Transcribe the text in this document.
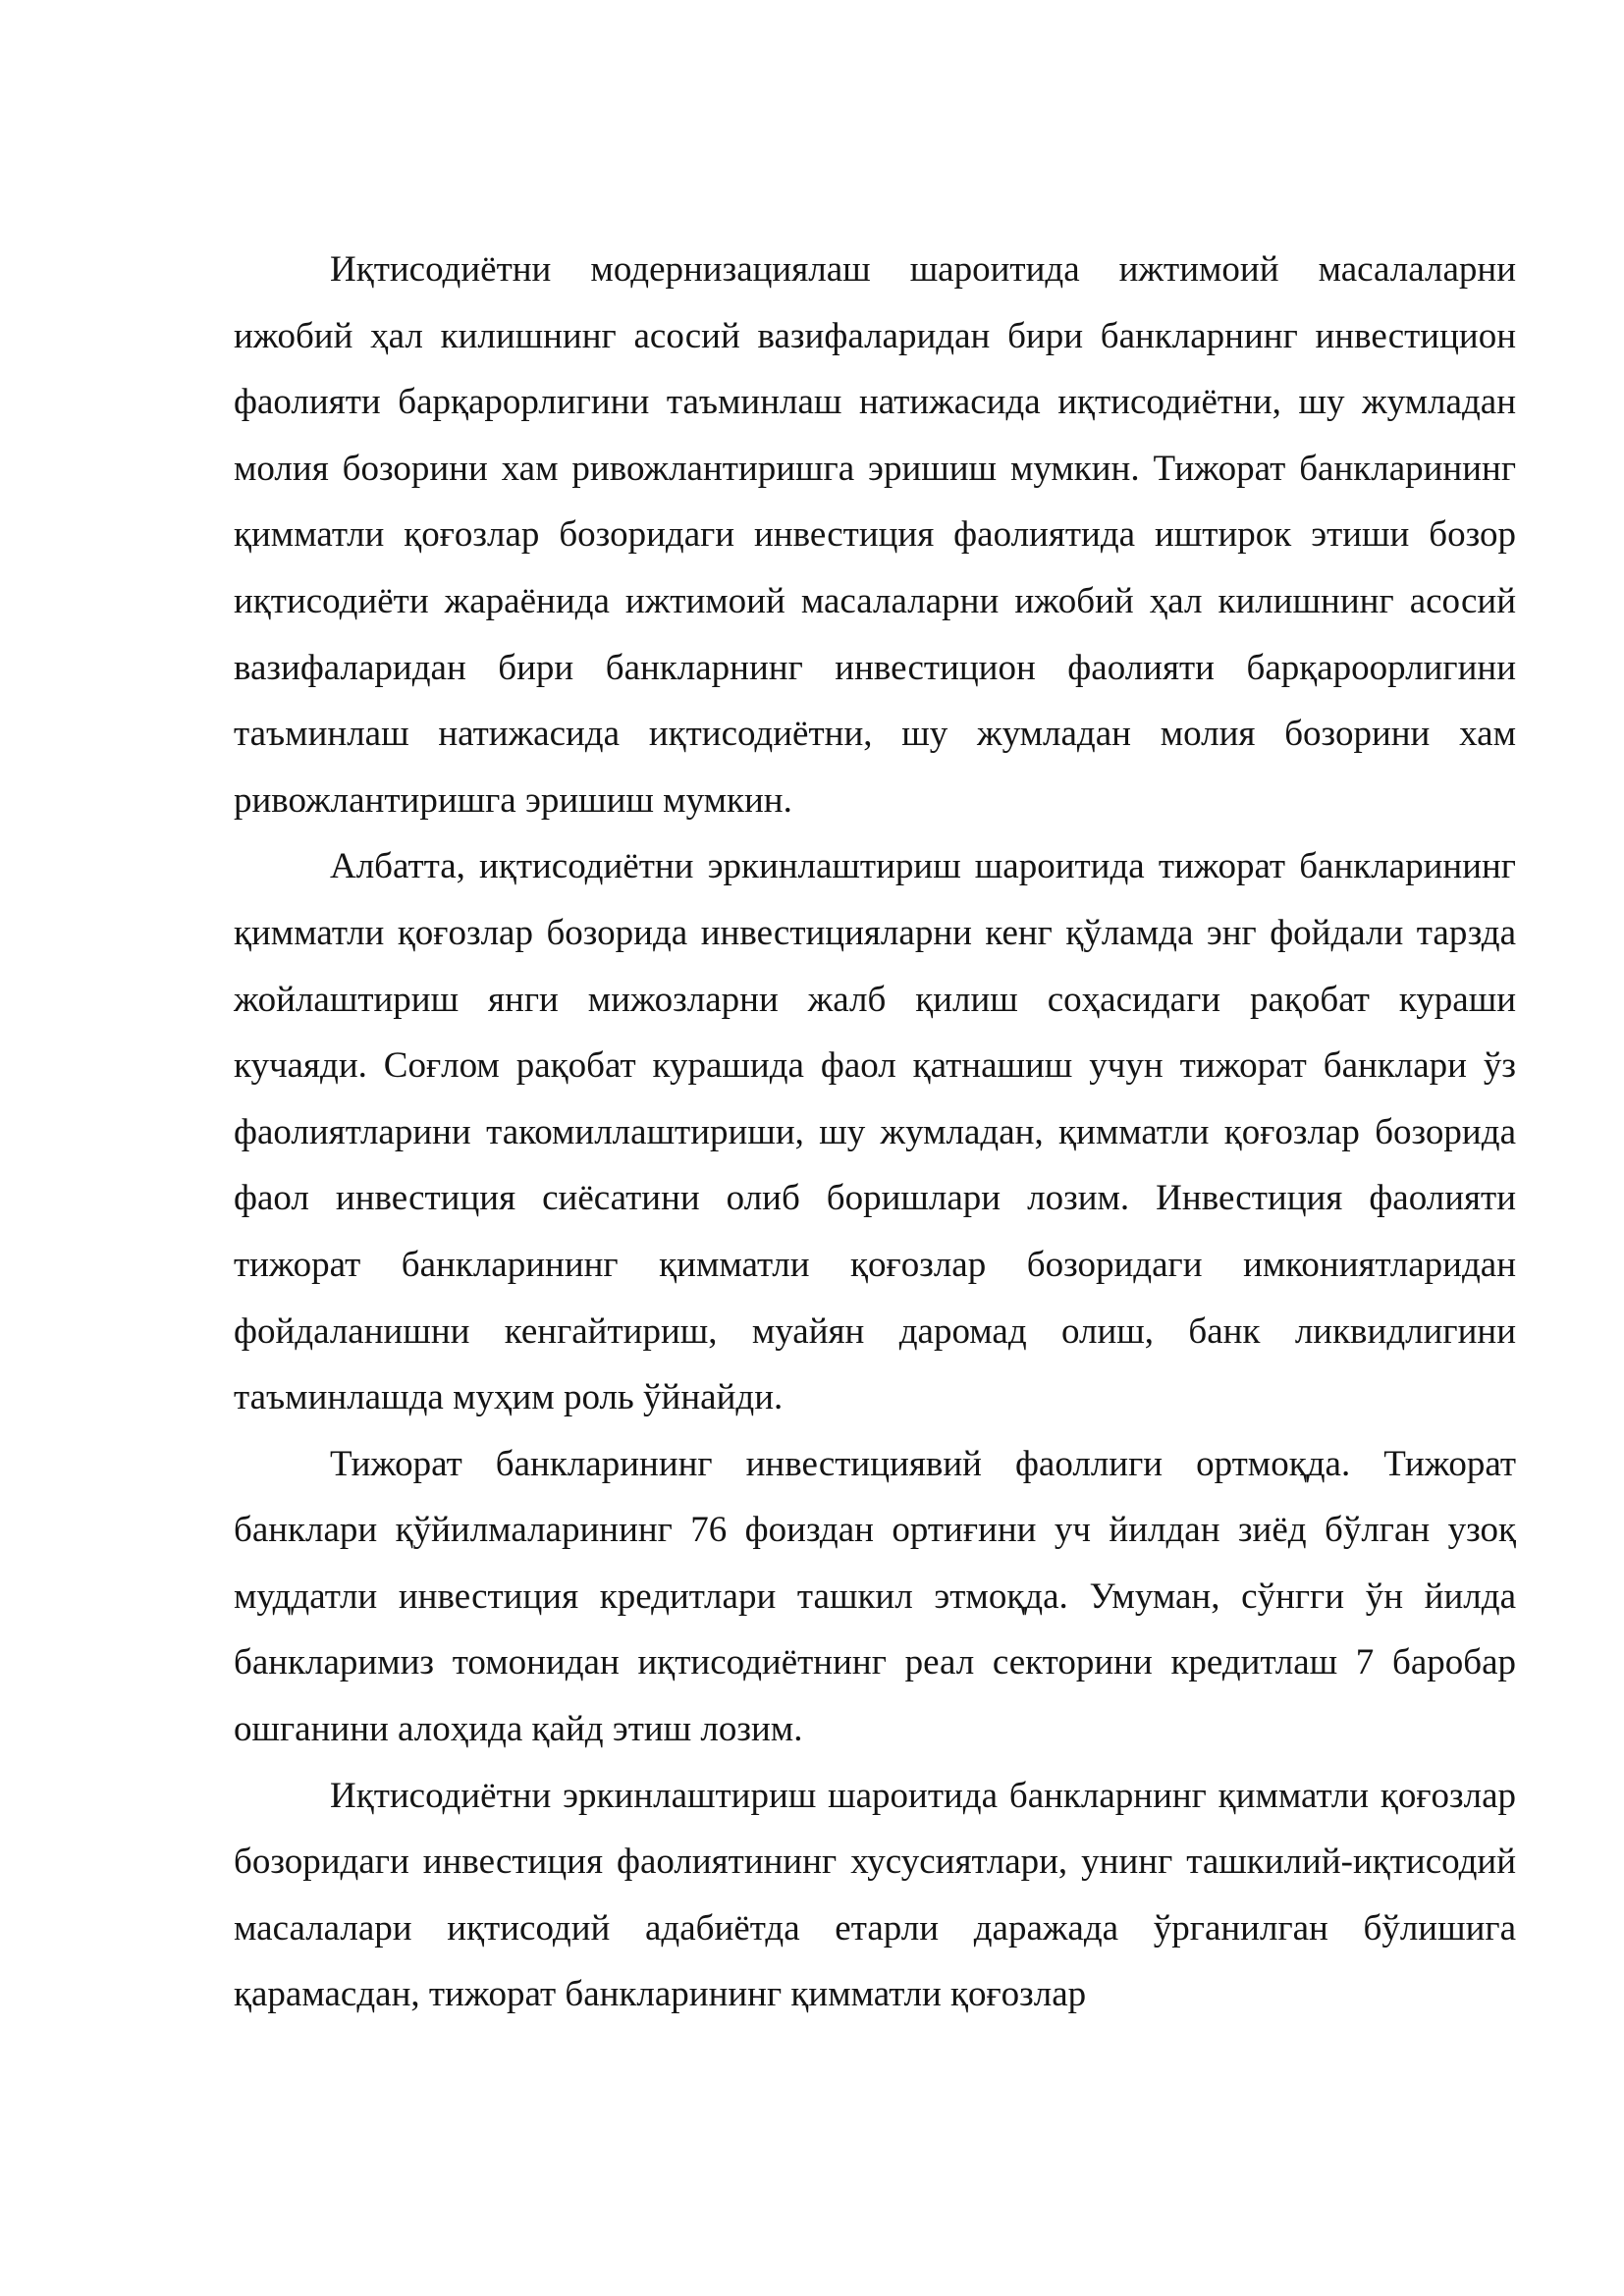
Иқтисодиётни модернизациялаш шароитида ижтимоий масалаларни ижобий ҳал килишнинг асосий вазифаларидан бири банкларнинг инвестицион фаолияти барқарорлигини таъминлаш натижасида иқтисодиётни, шу жумладан молия бозорини хам ривожлантиришга эришиш мумкин. Тижорат банкларининг қимматли қоғозлар бозоридаги инвестиция фаолиятида иштирок этиши бозор иқтисодиёти жараёнида ижтимоий масалаларни ижобий ҳал килишнинг асосий вазифаларидан бири банкларнинг инвестицион фаолияти барқароорлигини таъминлаш натижасида иқтисодиётни, шу жумладан молия бозорини хам ривожлантиришга эришиш мумкин.

Албатта, иқтисодиётни эркинлаштириш шароитида тижорат банкларининг қимматли қоғозлар бозорида инвестицияларни кенг қўламда энг фойдали тарзда жойлаштириш янги мижозларни жалб қилиш соҳасидаги рақобат кураши кучаяди. Соғлом рақобат курашида фаол қатнашиш учун тижорат банклари ўз фаолиятларини такомиллаштириши, шу жумладан, қимматли қоғозлар бозорида фаол инвестиция сиёсатини олиб боришлари лозим. Инвестиция фаолияти тижорат банкларининг қимматли қоғозлар бозоридаги имкониятларидан фойдаланишни кенгайтириш, муайян даромад олиш, банк ликвидлигини таъминлашда муҳим роль ўйнайди.

Тижорат банкларининг инвестициявий фаоллиги ортмоқда. Тижорат банклари қўйилмаларининг 76 фоиздан ортиғини уч йилдан зиёд бўлган узоқ муддатли инвестиция кредитлари ташкил этмоқда. Умуман, сўнгги ўн йилда банкларимиз томонидан иқтисодиётнинг реал секторини кредитлаш 7 баробар ошганини алоҳида қайд этиш лозим.

Иқтисодиётни эркинлаштириш шароитида банкларнинг қимматли қоғозлар бозоридаги инвестиция фаолиятининг хусусиятлари, унинг ташкилий-иқтисодий масалалари иқтисодий адабиётда етарли даражада ўрганилган бўлишига қарамасдан, тижорат банкларининг қимматли қоғозлар
